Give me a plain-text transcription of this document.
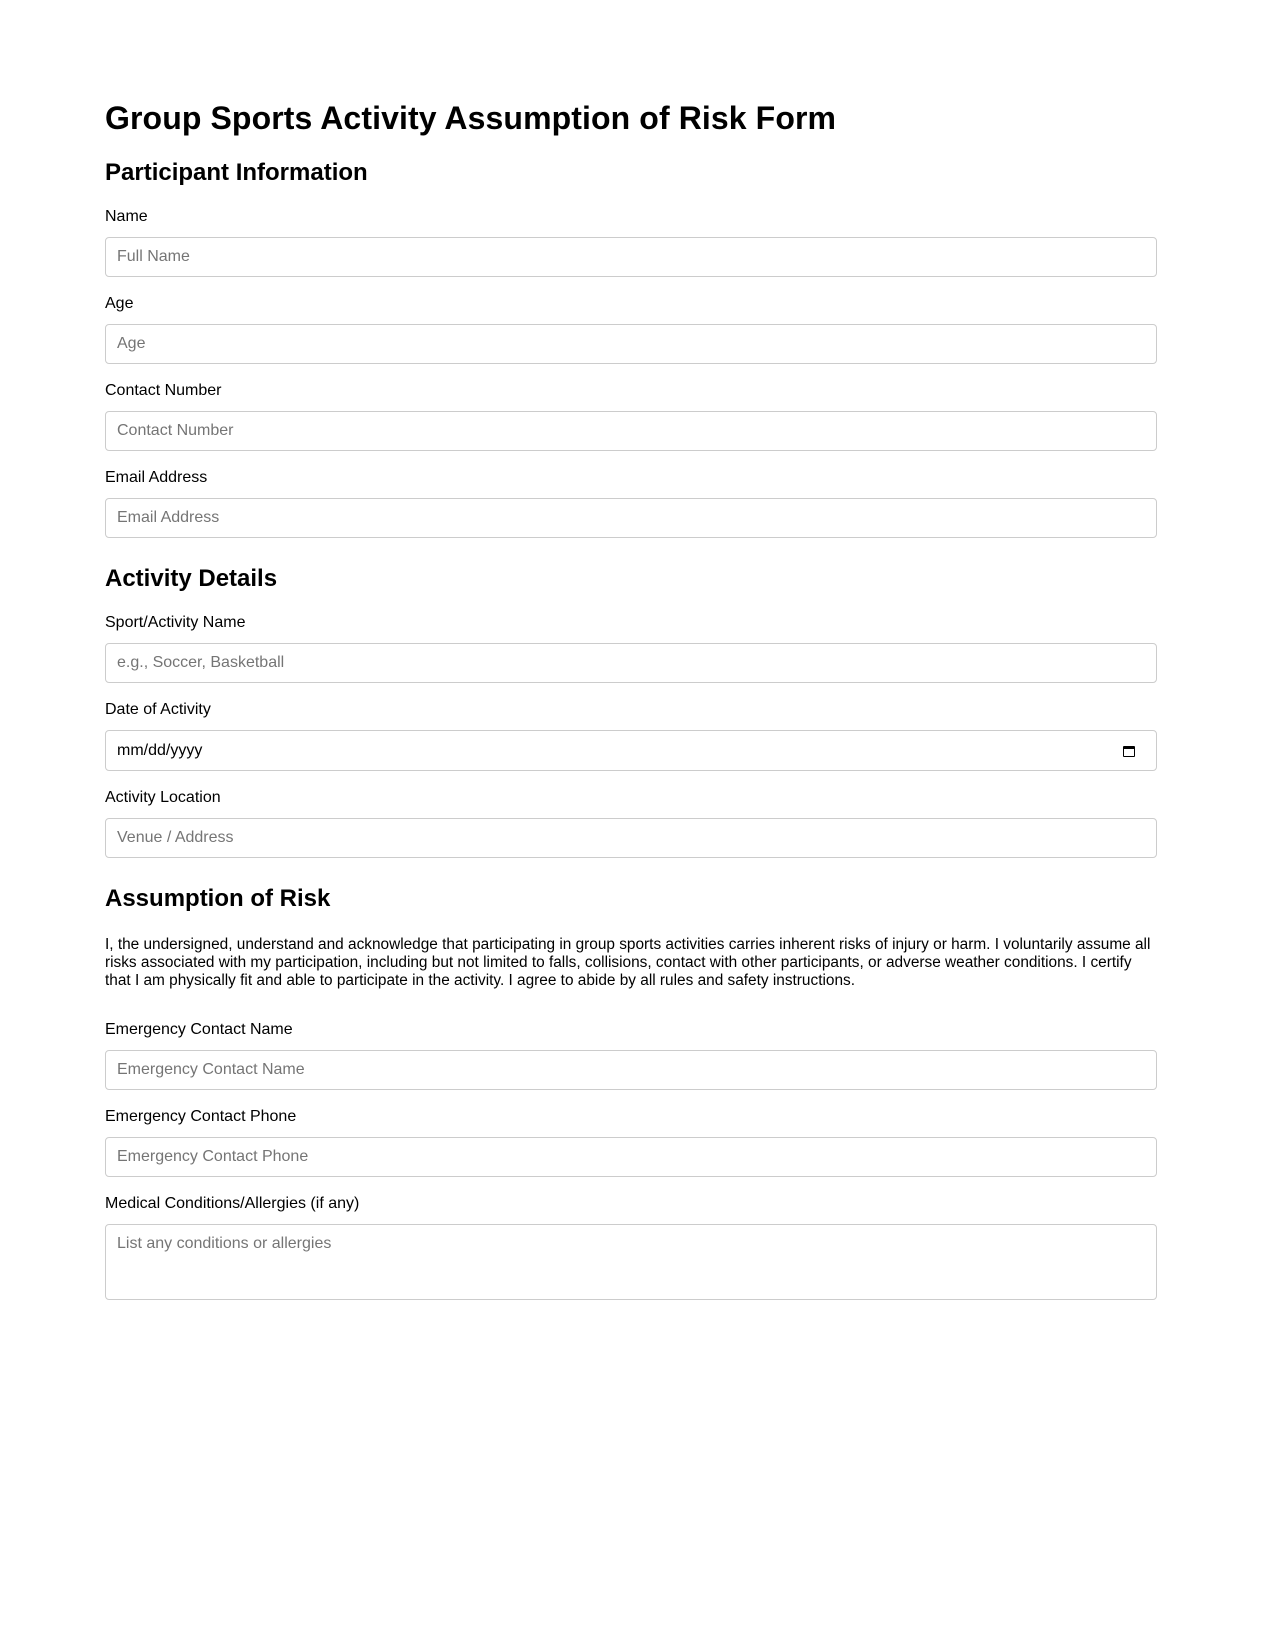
Group Sports Activity Assumption of Risk Form
Participant Information
Name
Full Name
Age
Age
Contact Number
Contact Number
Email Address
Email Address
Activity Details
Sport/Activity Name
e.g., Soccer, Basketball
Date of Activity
mm/dd/yyyy
Activity Location
Venue / Address
Assumption of Risk

I, the undersigned, understand and acknowledge that participating in group sports activities carries inherent risks of injury or harm. I voluntarily assume all risks associated with my participation, including but not limited to falls, collisions, contact with other participants, or adverse weather conditions. I certify that I am physically fit and able to participate in the activity. I agree to abide by all rules and safety instructions.

Emergency Contact Name
Emergency Contact Name
Emergency Contact Phone
Emergency Contact Phone
Medical Conditions/Allergies (if any)
List any conditions or allergies
